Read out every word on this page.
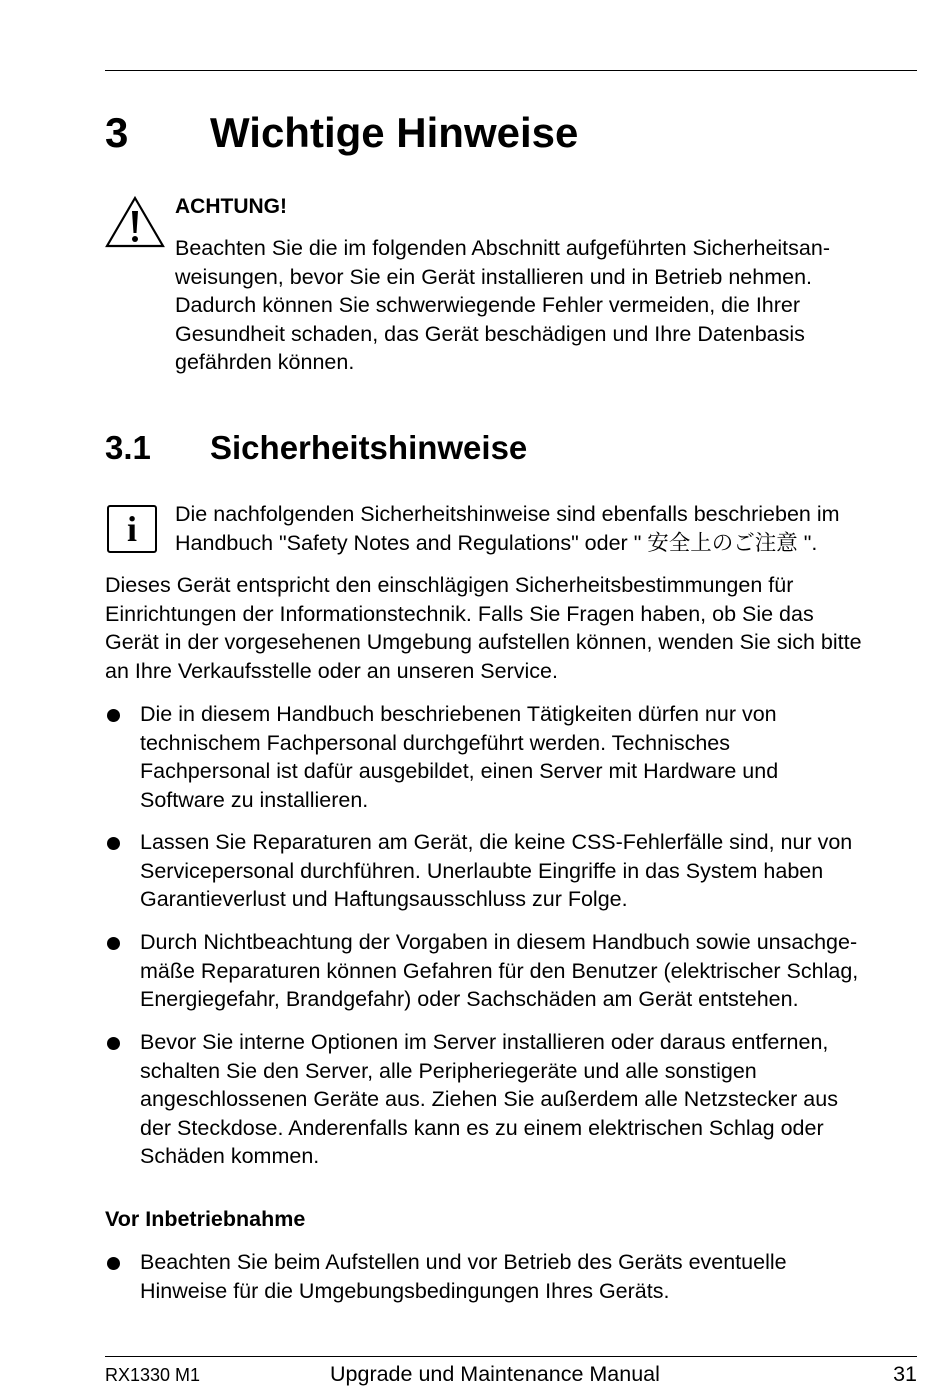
3 Wichtige Hinweise
ACHTUNG!
Beachten Sie die im folgenden Abschnitt aufgeführten Sicherheitsan-
weisungen, bevor Sie ein Gerät installieren und in Betrieb nehmen.
Dadurch können Sie schwerwiegende Fehler vermeiden, die Ihrer
Gesundheit schaden, das Gerät beschädigen und Ihre Datenbasis
gefährden können.
3.1 Sicherheitshinweise
i	Die nachfolgenden Sicherheitshinweise sind ebenfalls beschrieben im
Handbuch "Safety Notes and Regulations" oder " 安全上のご注意 ".
Dieses Gerät entspricht den einschlägigen Sicherheitsbestimmungen für
Einrichtungen der Informationstechnik. Falls Sie Fragen haben, ob Sie das
Gerät in der vorgesehenen Umgebung aufstellen können, wenden Sie sich bitte
an Ihre Verkaufsstelle oder an unseren Service.
Die in diesem Handbuch beschriebenen Tätigkeiten dürfen nur von
technischem Fachpersonal durchgeführt werden. Technisches
Fachpersonal ist dafür ausgebildet, einen Server mit Hardware und
Software zu installieren.
Lassen Sie Reparaturen am Gerät, die keine CSS-Fehlerfälle sind, nur von
Servicepersonal durchführen. Unerlaubte Eingriffe in das System haben
Garantieverlust und Haftungsausschluss zur Folge.
Durch Nichtbeachtung der Vorgaben in diesem Handbuch sowie unsachge-
mäße Reparaturen können Gefahren für den Benutzer (elektrischer Schlag,
Energiegefahr, Brandgefahr) oder Sachschäden am Gerät entstehen.
Bevor Sie interne Optionen im Server installieren oder daraus entfernen,
schalten Sie den Server, alle Peripheriegeräte und alle sonstigen
angeschlossenen Geräte aus. Ziehen Sie außerdem alle Netzstecker aus
der Steckdose. Anderenfalls kann es zu einem elektrischen Schlag oder
Schäden kommen.
Vor Inbetriebnahme
Beachten Sie beim Aufstellen und vor Betrieb des Geräts eventuelle
Hinweise für die Umgebungsbedingungen Ihres Geräts.
RX1330 M1	Upgrade und Maintenance Manual	31
